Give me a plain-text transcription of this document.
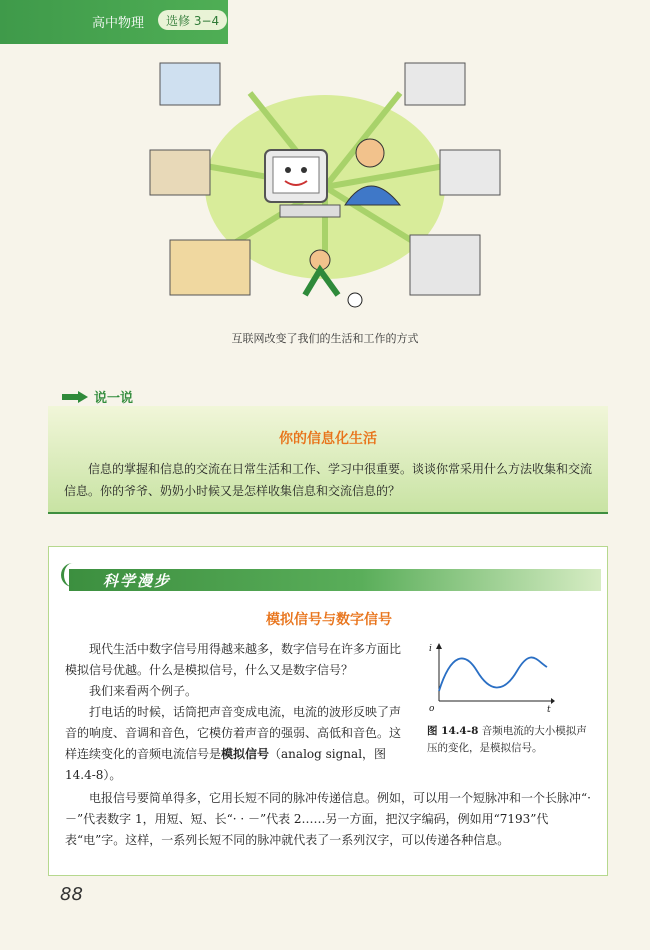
高中物理	选修 3−4
互联网改变了我们的生活和工作的方式
说一说
你的信息化生活

信息的掌握和信息的交流在日常生活和工作、学习中很重要。谈谈你常采用什么方法收集和交流信息。你的爷爷、奶奶小时候又是怎样收集信息和交流信息的？

科学漫步
模拟信号与数字信号

现代生活中数字信号用得越来越多，数字信号在许多方面比模拟信号优越。什么是模拟信号，什么又是数字信号？

我们来看两个例子。

打电话的时候，话筒把声音变成电流，电流的波形反映了声音的响度、音调和音色，它模仿着声音的强弱、高低和音色。这样连续变化的音频电流信号是模拟信号（analog signal，图 14.4-8）。

i
t
o
图 14.4-8 音频电流的大小模拟声压的变化，是模拟信号。

电报信号要简单得多，它用长短不同的脉冲传递信息。例如，可以用一个短脉冲和一个长脉冲“·－”代表数字 1，用短、短、长“· · －”代表 2……另一方面，把汉字编码，例如用“7193”代表“电”字。这样，一系列长短不同的脉冲就代表了一系列汉字，可以传递各种信息。

88
